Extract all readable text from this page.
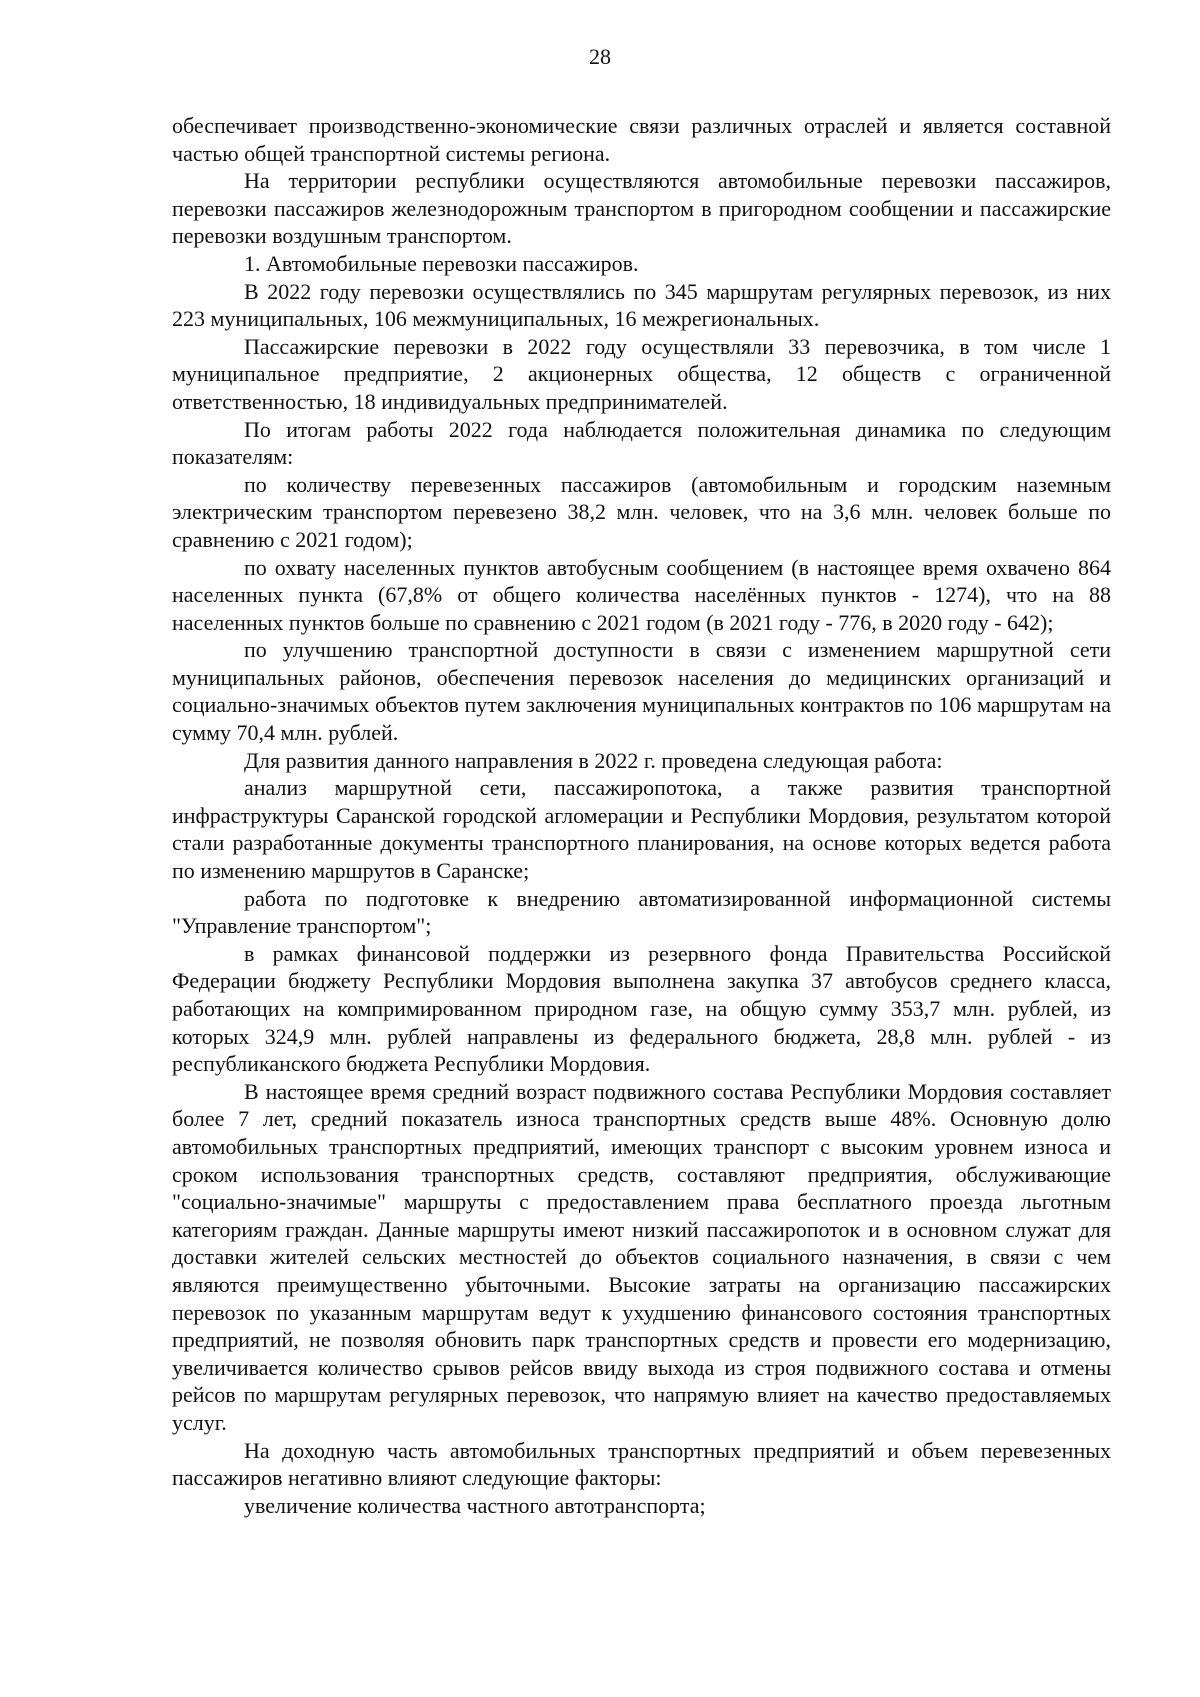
28

обеспечивает производственно-экономические связи различных отраслей и является составной частью общей транспортной системы региона.

На территории республики осуществляются автомобильные перевозки пассажиров, перевозки пассажиров железнодорожным транспортом в пригородном сообщении и пассажирские перевозки воздушным транспортом.

1. Автомобильные перевозки пассажиров.

В 2022 году перевозки осуществлялись по 345 маршрутам регулярных перевозок, из них 223 муниципальных, 106 межмуниципальных, 16 межрегиональных.

Пассажирские перевозки в 2022 году осуществляли 33 перевозчика, в том числе 1 муниципальное предприятие, 2 акционерных общества, 12 обществ с ограниченной ответственностью, 18 индивидуальных предпринимателей.

По итогам работы 2022 года наблюдается положительная динамика по следующим показателям:

по количеству перевезенных пассажиров (автомобильным и городским наземным электрическим транспортом перевезено 38,2 млн. человек, что на 3,6 млн. человек больше по сравнению с 2021 годом);

по охвату населенных пунктов автобусным сообщением (в настоящее время охвачено 864 населенных пункта (67,8% от общего количества населённых пунктов - 1274), что на 88 населенных пунктов больше по сравнению с 2021 годом (в 2021 году - 776, в 2020 году - 642);

по улучшению транспортной доступности в связи с изменением маршрутной сети муниципальных районов, обеспечения перевозок населения до медицинских организаций и социально-значимых объектов путем заключения муниципальных контрактов по 106 маршрутам на сумму 70,4 млн. рублей.

Для развития данного направления в 2022 г. проведена следующая работа:

анализ маршрутной сети, пассажиропотока, а также развития транспортной инфраструктуры Саранской городской агломерации и Республики Мордовия, результатом которой стали разработанные документы транспортного планирования, на основе которых ведется работа по изменению маршрутов в Саранске;

работа по подготовке к внедрению автоматизированной информационной системы "Управление транспортом";

в рамках финансовой поддержки из резервного фонда Правительства Российской Федерации бюджету Республики Мордовия выполнена закупка 37 автобусов среднего класса, работающих на компримированном природном газе, на общую сумму 353,7 млн. рублей, из которых 324,9 млн. рублей направлены из федерального бюджета, 28,8 млн. рублей - из республиканского бюджета Республики Мордовия.

В настоящее время средний возраст подвижного состава Республики Мордовия составляет более 7 лет, средний показатель износа транспортных средств выше 48%. Основную долю автомобильных транспортных предприятий, имеющих транспорт с высоким уровнем износа и сроком использования транспортных средств, составляют предприятия, обслуживающие "социально-значимые" маршруты с предоставлением права бесплатного проезда льготным категориям граждан. Данные маршруты имеют низкий пассажиропоток и в основном служат для доставки жителей сельских местностей до объектов социального назначения, в связи с чем являются преимущественно убыточными. Высокие затраты на организацию пассажирских перевозок по указанным маршрутам ведут к ухудшению финансового состояния транспортных предприятий, не позволяя обновить парк транспортных средств и провести его модернизацию, увеличивается количество срывов рейсов ввиду выхода из строя подвижного состава и отмены рейсов по маршрутам регулярных перевозок, что напрямую влияет на качество предоставляемых услуг.

На доходную часть автомобильных транспортных предприятий и объем перевезенных пассажиров негативно влияют следующие факторы:

увеличение количества частного автотранспорта;
